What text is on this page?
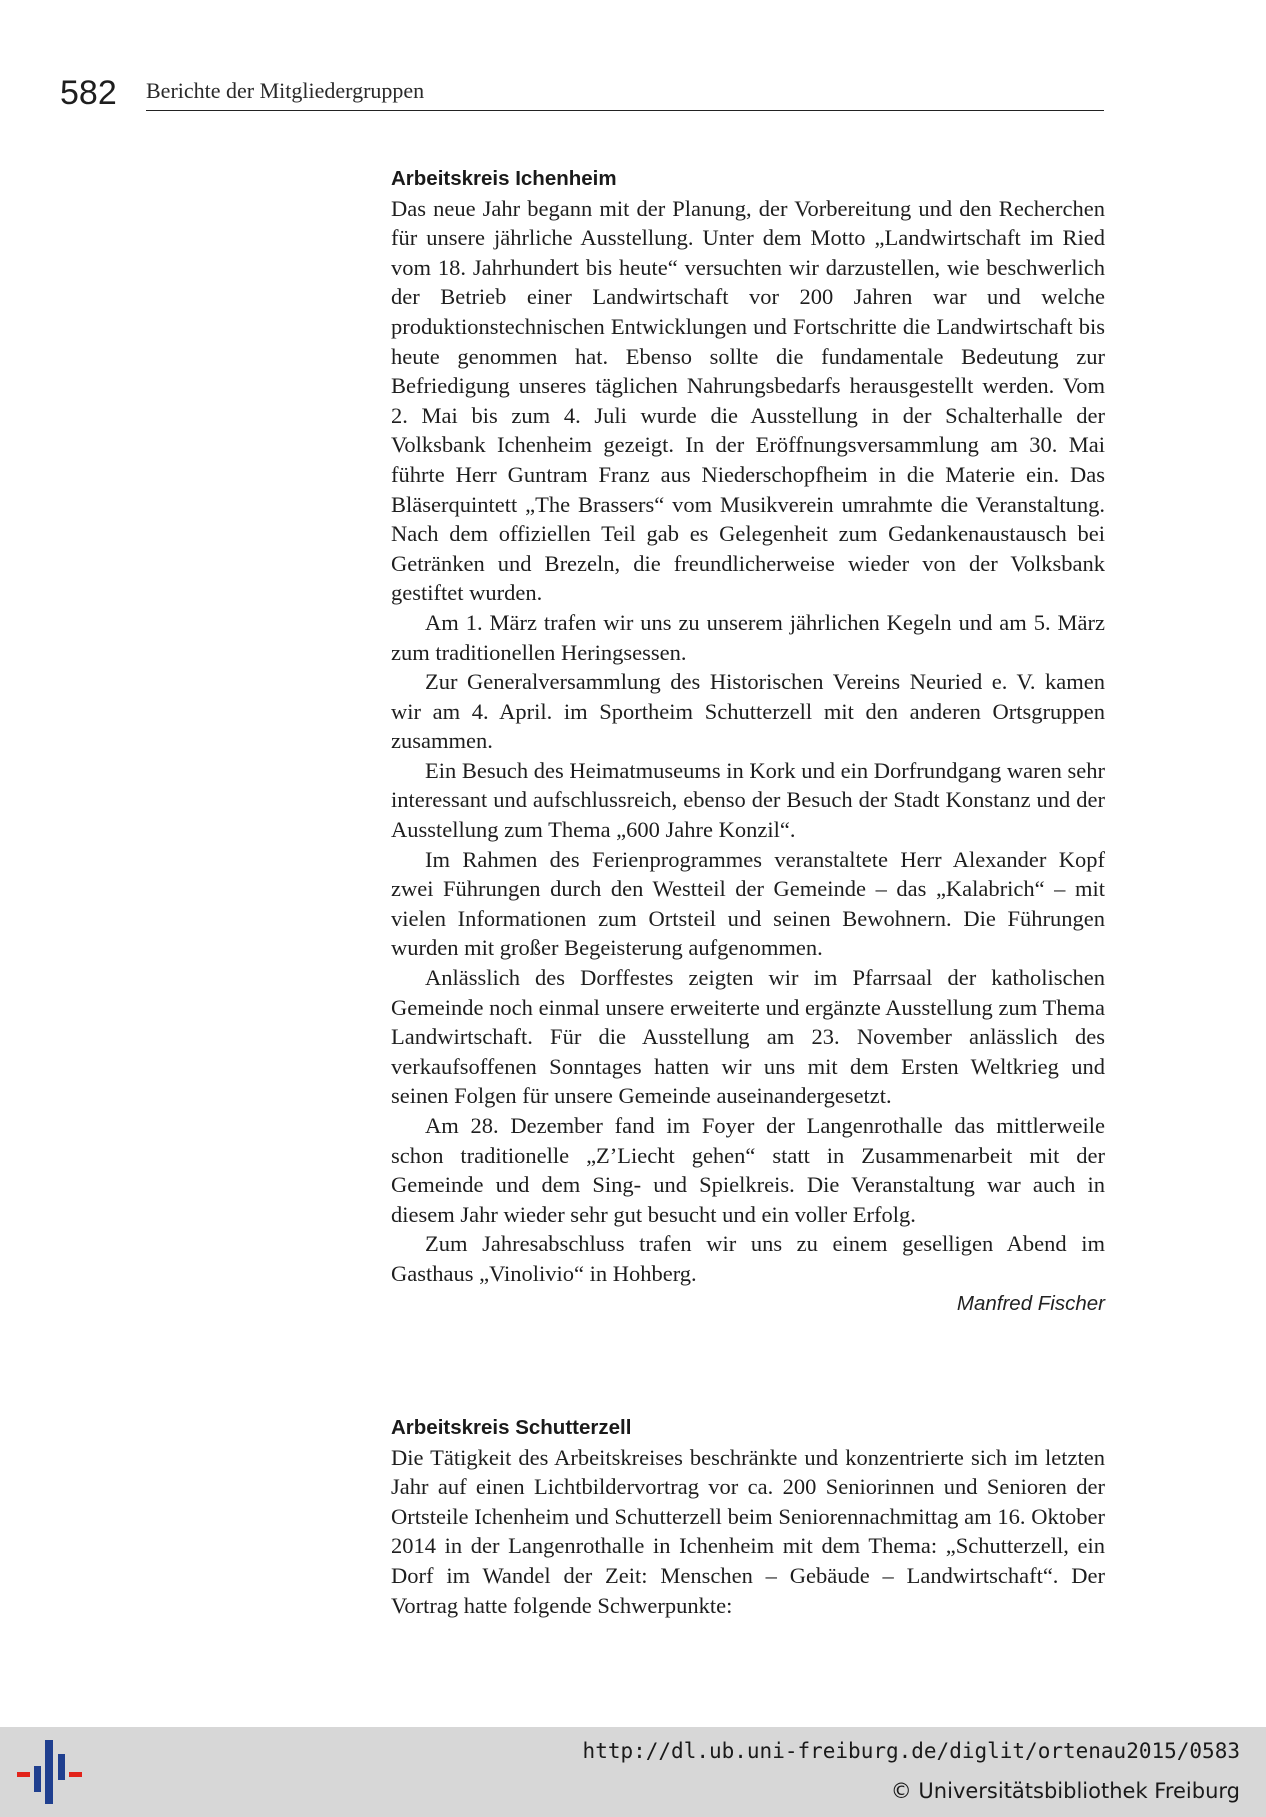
582 Berichte der Mitgliedergruppen
Arbeitskreis Ichenheim

Das neue Jahr begann mit der Planung, der Vorbereitung und den Recherchen für unsere jährliche Ausstellung. Unter dem Motto „Landwirtschaft im Ried vom 18. Jahrhundert bis heute“ versuchten wir darzustellen, wie beschwerlich der Betrieb einer Landwirtschaft vor 200 Jahren war und welche produktionstechnischen Entwicklungen und Fortschritte die Landwirtschaft bis heute genommen hat. Ebenso sollte die fundamentale Bedeutung zur Befriedigung unseres täglichen Nahrungsbedarfs herausgestellt werden. Vom 2. Mai bis zum 4. Juli wurde die Ausstellung in der Schalterhalle der Volksbank Ichenheim gezeigt. In der Eröffnungsversammlung am 30. Mai führte Herr Guntram Franz aus Niederschopfheim in die Materie ein. Das Bläserquintett „The Brassers“ vom Musikverein umrahmte die Veranstaltung. Nach dem offiziellen Teil gab es Gelegenheit zum Gedankenaustausch bei Getränken und Brezeln, die freundlicherweise wieder von der Volksbank gestiftet wurden.

Am 1. März trafen wir uns zu unserem jährlichen Kegeln und am 5. März zum traditionellen Heringsessen.

Zur Generalversammlung des Historischen Vereins Neuried e. V. kamen wir am 4. April. im Sportheim Schutterzell mit den anderen Ortsgruppen zusammen.

Ein Besuch des Heimatmuseums in Kork und ein Dorfrundgang waren sehr interessant und aufschlussreich, ebenso der Besuch der Stadt Konstanz und der Ausstellung zum Thema „600 Jahre Konzil“.

Im Rahmen des Ferienprogrammes veranstaltete Herr Alexander Kopf zwei Führungen durch den Westteil der Gemeinde – das „Kalabrich“ – mit vielen Informationen zum Ortsteil und seinen Bewohnern. Die Führungen wurden mit großer Begeisterung aufgenommen.

Anlässlich des Dorffestes zeigten wir im Pfarrsaal der katholischen Gemeinde noch einmal unsere erweiterte und ergänzte Ausstellung zum Thema Landwirtschaft. Für die Ausstellung am 23. November anlässlich des verkaufsoffenen Sonntages hatten wir uns mit dem Ersten Weltkrieg und seinen Folgen für unsere Gemeinde auseinandergesetzt.

Am 28. Dezember fand im Foyer der Langenrothalle das mittlerweile schon traditionelle „Z’Liecht gehen“ statt in Zusammenarbeit mit der Gemeinde und dem Sing- und Spielkreis. Die Veranstaltung war auch in diesem Jahr wieder sehr gut besucht und ein voller Erfolg.

Zum Jahresabschluss trafen wir uns zu einem geselligen Abend im Gasthaus „Vinolivio“ in Hohberg.

Manfred Fischer
Arbeitskreis Schutterzell

Die Tätigkeit des Arbeitskreises beschränkte und konzentrierte sich im letzten Jahr auf einen Lichtbildervortrag vor ca. 200 Seniorinnen und Senioren der Ortsteile Ichenheim und Schutterzell beim Seniorennachmittag am 16. Oktober 2014 in der Langenrothalle in Ichenheim mit dem Thema: „Schutterzell, ein Dorf im Wandel der Zeit: Menschen – Gebäude – Landwirtschaft“. Der Vortrag hatte folgende Schwerpunkte:

http://dl.ub.uni-freiburg.de/diglit/ortenau2015/0583
© Universitätsbibliothek Freiburg
